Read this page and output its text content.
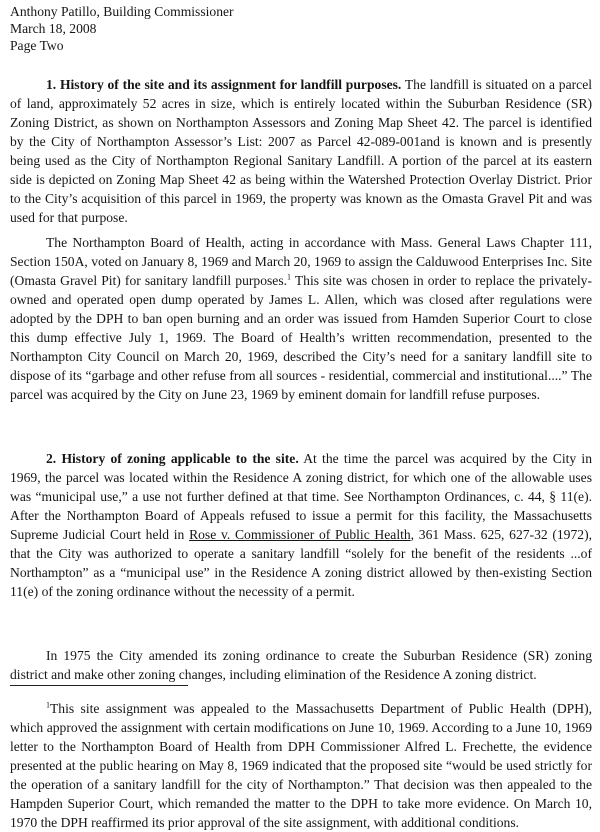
Anthony Patillo, Building Commissioner
March 18, 2008
Page Two

1. History of the site and its assignment for landfill purposes. The landfill is situated on a parcel of land, approximately 52 acres in size, which is entirely located within the Suburban Residence (SR) Zoning District, as shown on Northampton Assessors and Zoning Map Sheet 42. The parcel is identified by the City of Northampton Assessor’s List: 2007 as Parcel 42-089-001and is known and is presently being used as the City of Northampton Regional Sanitary Landfill. A portion of the parcel at its eastern side is depicted on Zoning Map Sheet 42 as being within the Watershed Protection Overlay District. Prior to the City’s acquisition of this parcel in 1969, the property was known as the Omasta Gravel Pit and was used for that purpose.

The Northampton Board of Health, acting in accordance with Mass. General Laws Chapter 111, Section 150A, voted on January 8, 1969 and March 20, 1969 to assign the Calduwood Enterprises Inc. Site (Omasta Gravel Pit) for sanitary landfill purposes.$^1$ This site was chosen in order to replace the privately-owned and operated open dump operated by James L. Allen, which was closed after regulations were adopted by the DPH to ban open burning and an order was issued from Hamden Superior Court to close this dump effective July 1, 1969. The Board of Health’s written recommendation, presented to the Northampton City Council on March 20, 1969, described the City’s need for a sanitary landfill site to dispose of its “garbage and other refuse from all sources - residential, commercial and institutional....” The parcel was acquired by the City on June 23, 1969 by eminent domain for landfill refuse purposes.

2. History of zoning applicable to the site. At the time the parcel was acquired by the City in 1969, the parcel was located within the Residence A zoning district, for which one of the allowable uses was “municipal use,” a use not further defined at that time. See Northampton Ordinances, c. 44, § 11(e). After the Northampton Board of Appeals refused to issue a permit for this facility, the Massachusetts Supreme Judicial Court held in Rose v. Commissioner of Public Health, 361 Mass. 625, 627-32 (1972), that the City was authorized to operate a sanitary landfill “solely for the benefit of the residents ...of Northampton” as a “municipal use” in the Residence A zoning district allowed by then-existing Section 11(e) of the zoning ordinance without the necessity of a permit.

In 1975 the City amended its zoning ordinance to create the Suburban Residence (SR) zoning district and make other zoning changes, including elimination of the Residence A zoning district.

$^1$This site assignment was appealed to the Massachusetts Department of Public Health (DPH), which approved the assignment with certain modifications on June 10, 1969. According to a June 10, 1969 letter to the Northampton Board of Health from DPH Commissioner Alfred L. Frechette, the evidence presented at the public hearing on May 8, 1969 indicated that the proposed site “would be used strictly for the operation of a sanitary landfill for the city of Northampton.” That decision was then appealed to the Hampden Superior Court, which remanded the matter to the DPH to take more evidence. On March 10, 1970 the DPH reaffirmed its prior approval of the site assignment, with additional conditions.
